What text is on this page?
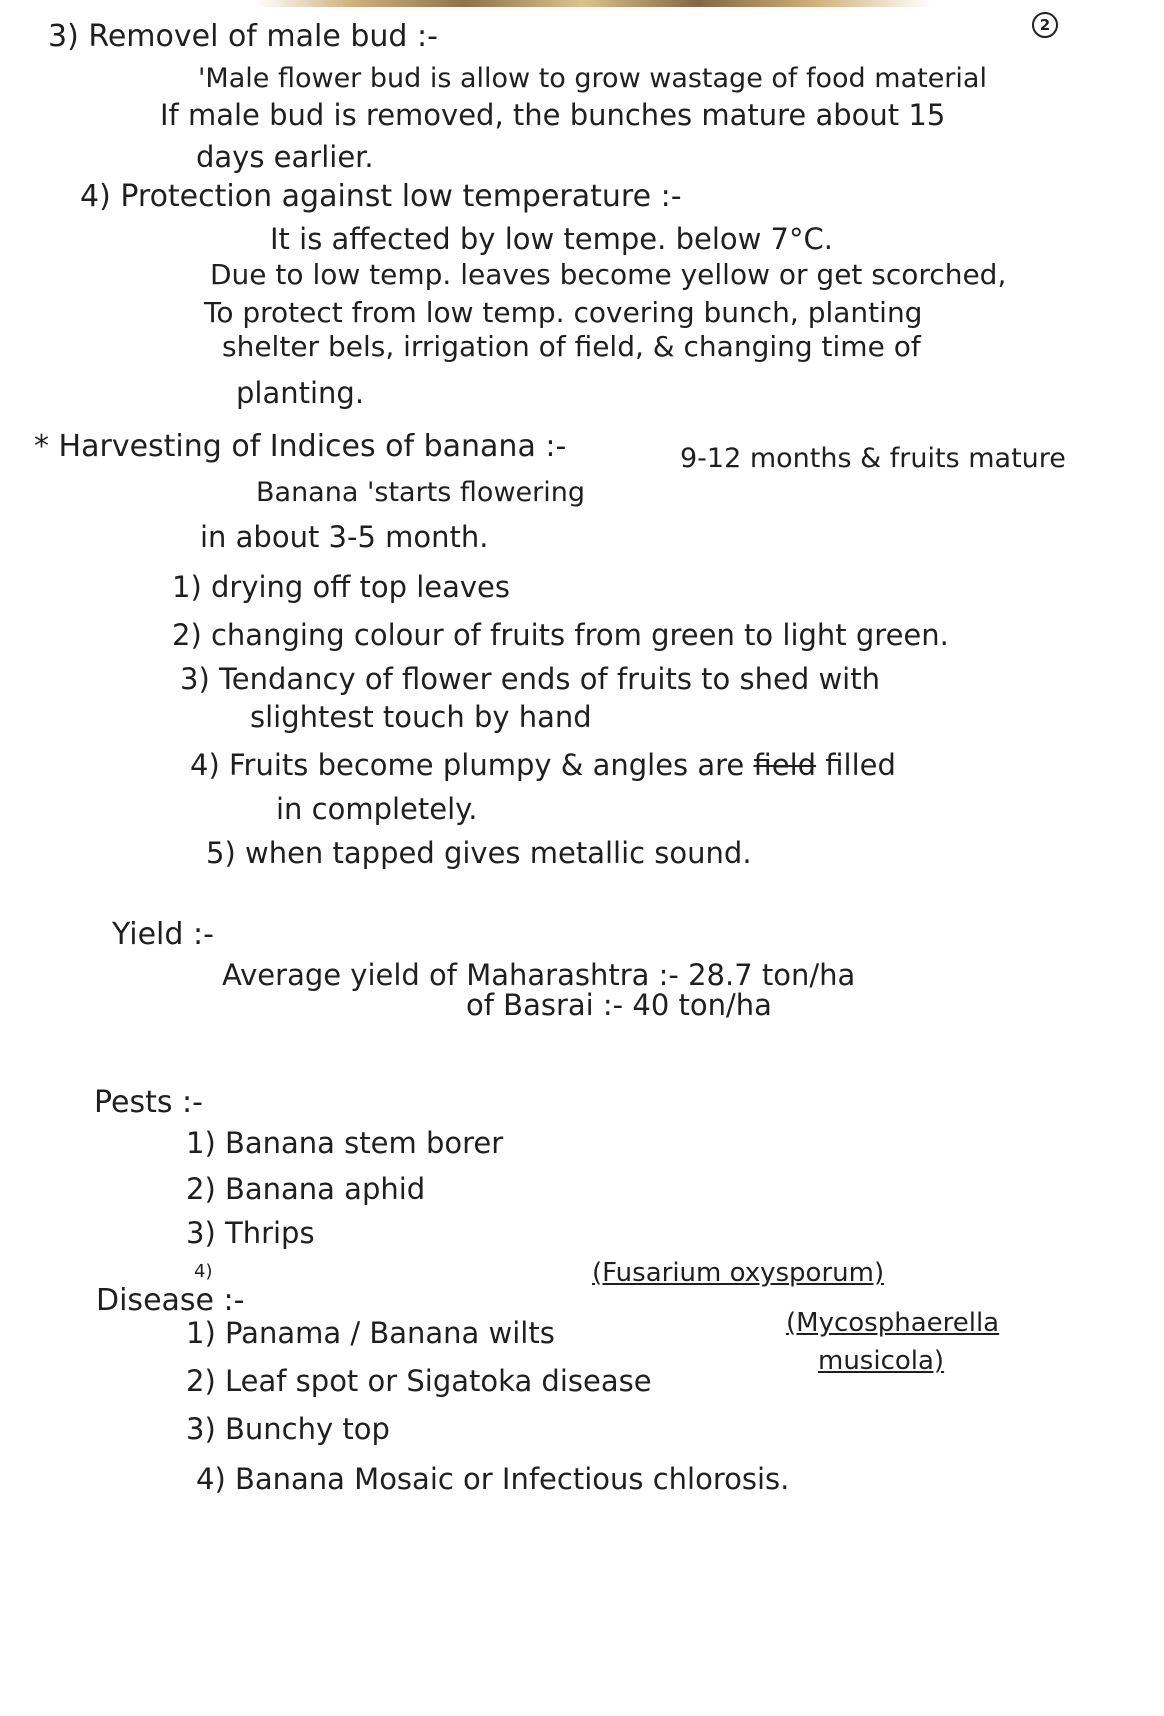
2
3) Removel of male bud :-
'Male flower bud is allow to grow wastage of food material
If male bud is removed, the bunches mature about 15
days earlier.
4) Protection against low temperature :-
It is affected by low tempe. below 7°C.
Due to low temp. leaves become yellow or get scorched,
To protect from low temp. covering bunch, planting
shelter bels, irrigation of field, & changing time of
planting.
* Harvesting of Indices of banana :-	9-12 months & fruits mature
Banana 'starts flowering
in about 3-5 month.
1) drying off top leaves
2) changing colour of fruits from green to light green.
3) Tendancy of flower ends of fruits to shed with
slightest touch by hand
4) Fruits become plumpy & angles are field filled
in completely.
5) when tapped gives metallic sound.
Yield :-
Average yield of Maharashtra :- 28.7 ton/ha
of Basrai :- 40 ton/ha
Pests :-
1) Banana stem borer
2) Banana aphid
3) Thrips
4)
Disease :-
(Fusarium oxysporum)
1) Panama / Banana wilts
2) Leaf spot or Sigatoka disease
(Mycosphaerella
musicola)
3) Bunchy top
4) Banana Mosaic or Infectious chlorosis.
